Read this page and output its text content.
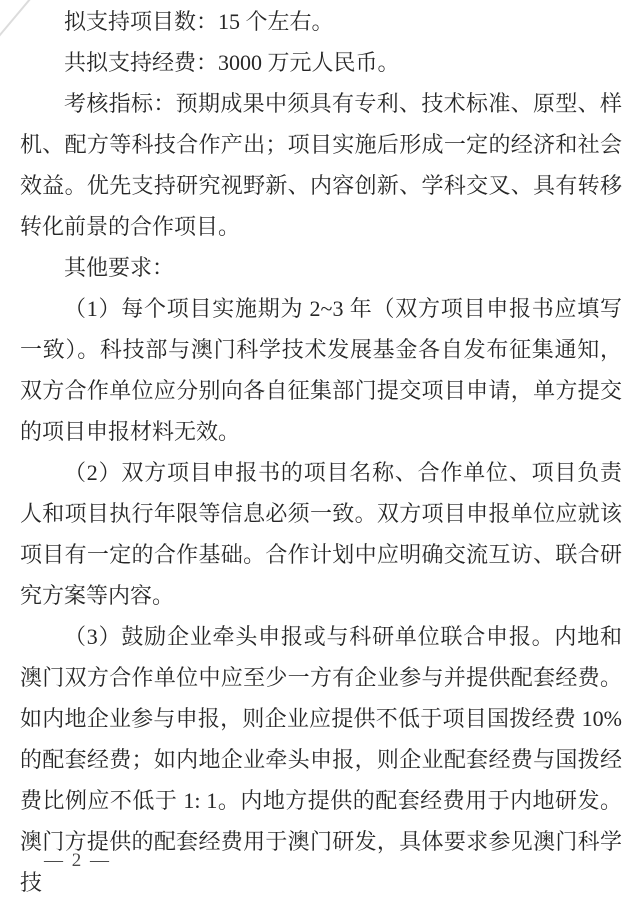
拟支持项目数：15 个左右。

共拟支持经费：3000 万元人民币。

考核指标：预期成果中须具有专利、技术标准、原型、样机、配方等科技合作产出；项目实施后形成一定的经济和社会效益。优先支持研究视野新、内容创新、学科交叉、具有转移转化前景的合作项目。

其他要求：

（1）每个项目实施期为 2~3 年（双方项目申报书应填写一致）。科技部与澳门科学技术发展基金各自发布征集通知，双方合作单位应分别向各自征集部门提交项目申请，单方提交的项目申报材料无效。

（2）双方项目申报书的项目名称、合作单位、项目负责人和项目执行年限等信息必须一致。双方项目申报单位应就该项目有一定的合作基础。合作计划中应明确交流互访、联合研究方案等内容。

（3）鼓励企业牵头申报或与科研单位联合申报。内地和澳门双方合作单位中应至少一方有企业参与并提供配套经费。如内地企业参与申报，则企业应提供不低于项目国拨经费 10%的配套经费；如内地企业牵头申报，则企业配套经费与国拨经费比例应不低于 1: 1。内地方提供的配套经费用于内地研发。澳门方提供的配套经费用于澳门研发，具体要求参见澳门科学技

— 2 —
